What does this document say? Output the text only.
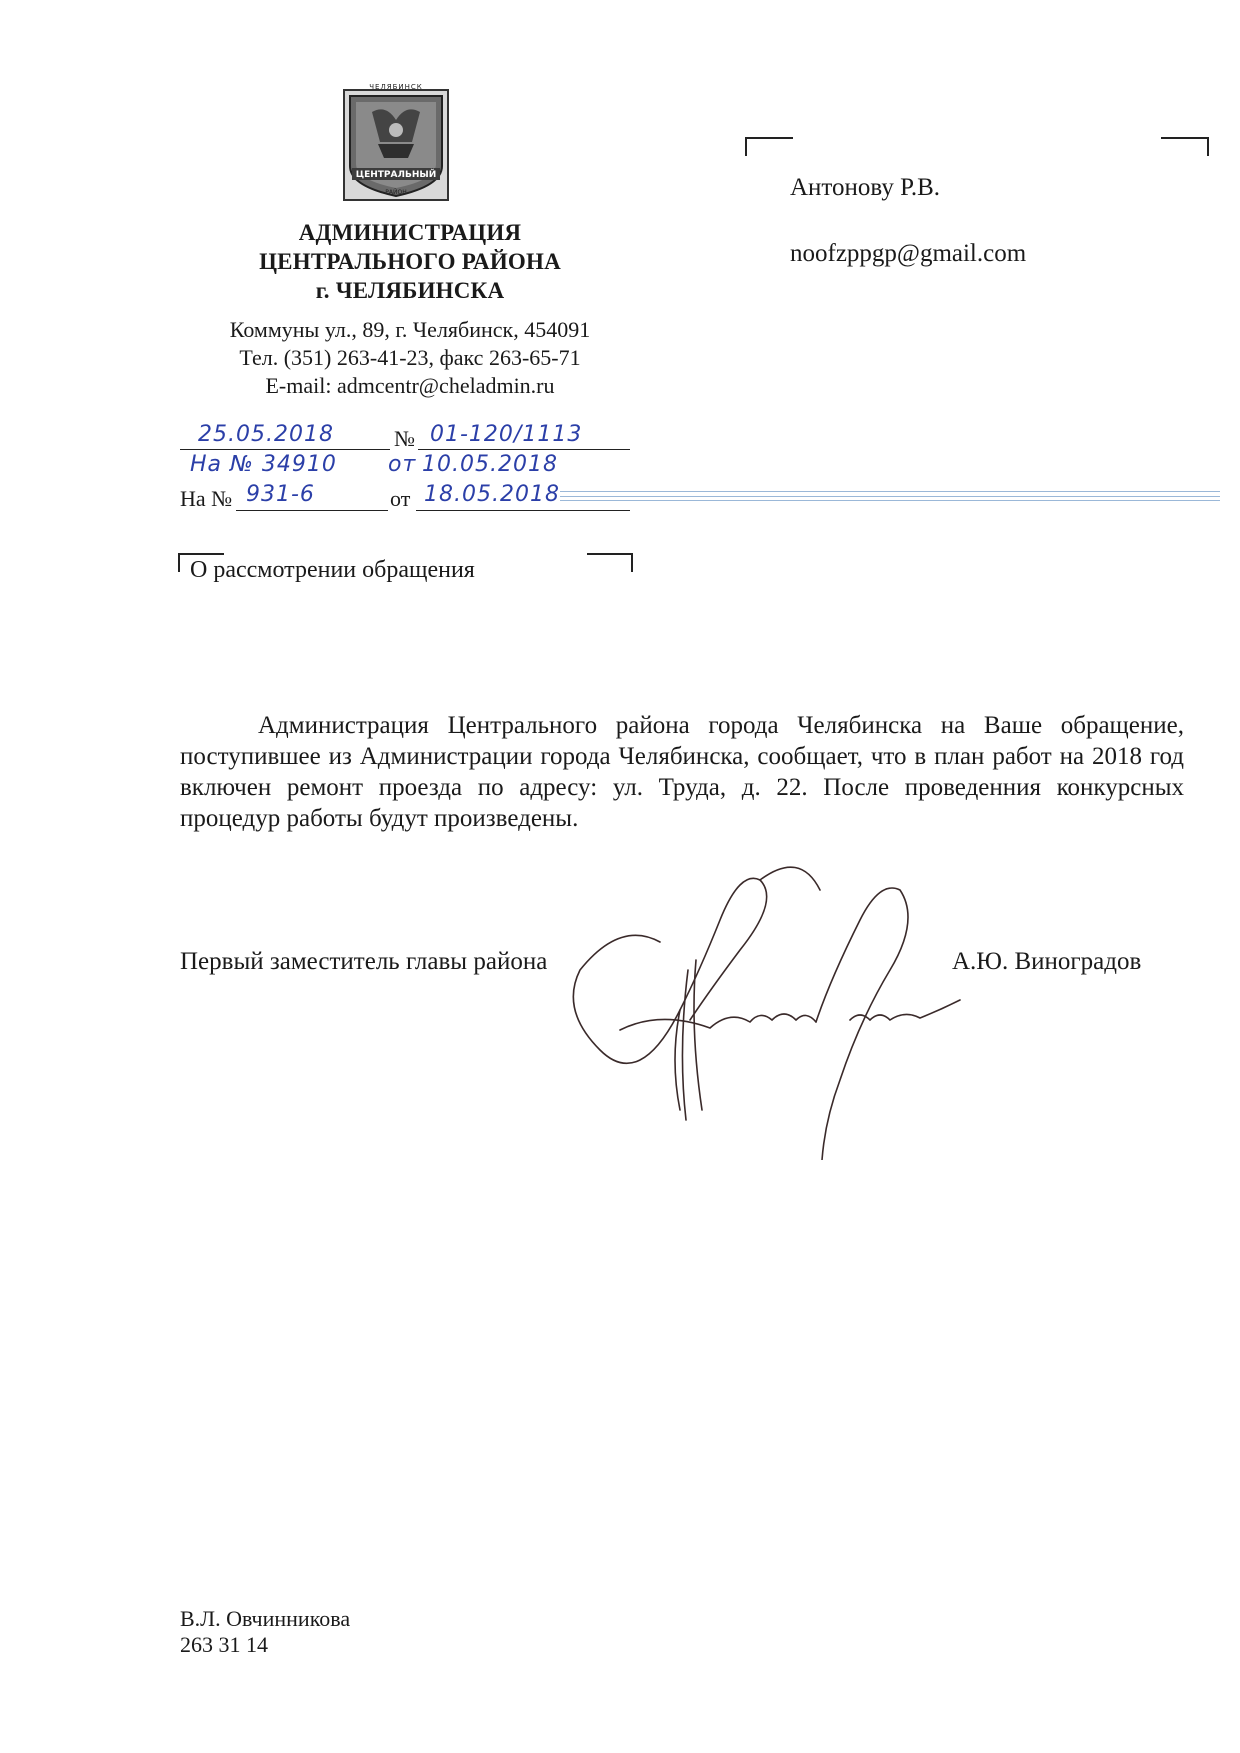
ЦЕНТРАЛЬНЫЙ
ЧЕЛЯБИНСК
РАЙОН
АДМИНИСТРАЦИЯ
ЦЕНТРАЛЬНОГО РАЙОНА
г. ЧЕЛЯБИНСКА
Коммуны ул., 89, г. Челябинск, 454091
Тел. (351) 263-41-23, факс 263-65-71
E-mail: admcentr@cheladmin.ru
25.05.2018	№ 01-120/1113
На № 34910 от 10.05.2018
На № 931-6	от 18.05.2018
Антонову Р.В.
noofzppgp@gmail.com
О рассмотрении обращения

Администрация Центрального района города Челябинска на Ваше обращение, поступившее из Администрации города Челябинска, сообщает, что в план работ на 2018 год включен ремонт проезда по адресу: ул. Труда, д. 22. После проведенния конкурсных процедур работы будут произведены.

Первый заместитель главы района	А.Ю. Виноградов
В.Л. Овчинникова
263 31 14
